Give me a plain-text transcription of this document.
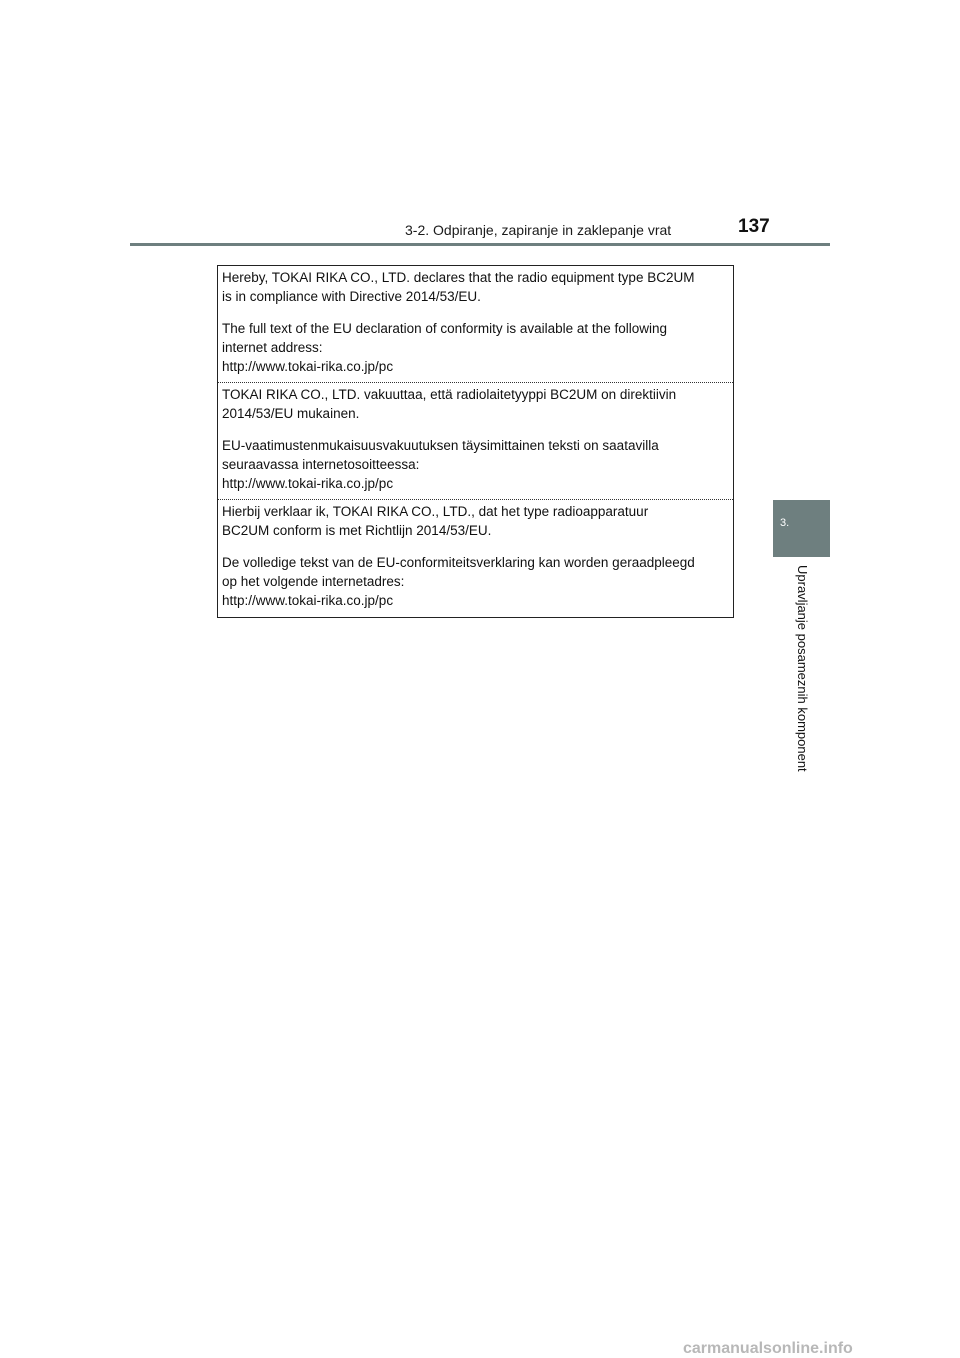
3-2. Odpiranje, zapiranje in zaklepanje vrat	137
3.
Upravljanje posameznih komponent

Hereby, TOKAI RIKA CO., LTD. declares that the radio equipment type BC2UM

is in compliance with Directive 2014/53/EU.

The full text of the EU declaration of conformity is available at the following

internet address:

http://www.tokai-rika.co.jp/pc

TOKAI RIKA CO., LTD. vakuuttaa, että radiolaitetyyppi BC2UM on direktiivin

2014/53/EU mukainen.

EU-vaatimustenmukaisuusvakuutuksen täysimittainen teksti on saatavilla

seuraavassa internetosoitteessa:

http://www.tokai-rika.co.jp/pc

Hierbij verklaar ik, TOKAI RIKA CO., LTD., dat het type radioapparatuur

BC2UM conform is met Richtlijn 2014/53/EU.

De volledige tekst van de EU-conformiteitsverklaring kan worden geraadpleegd

op het volgende internetadres:

http://www.tokai-rika.co.jp/pc

carmanualsonline.info
